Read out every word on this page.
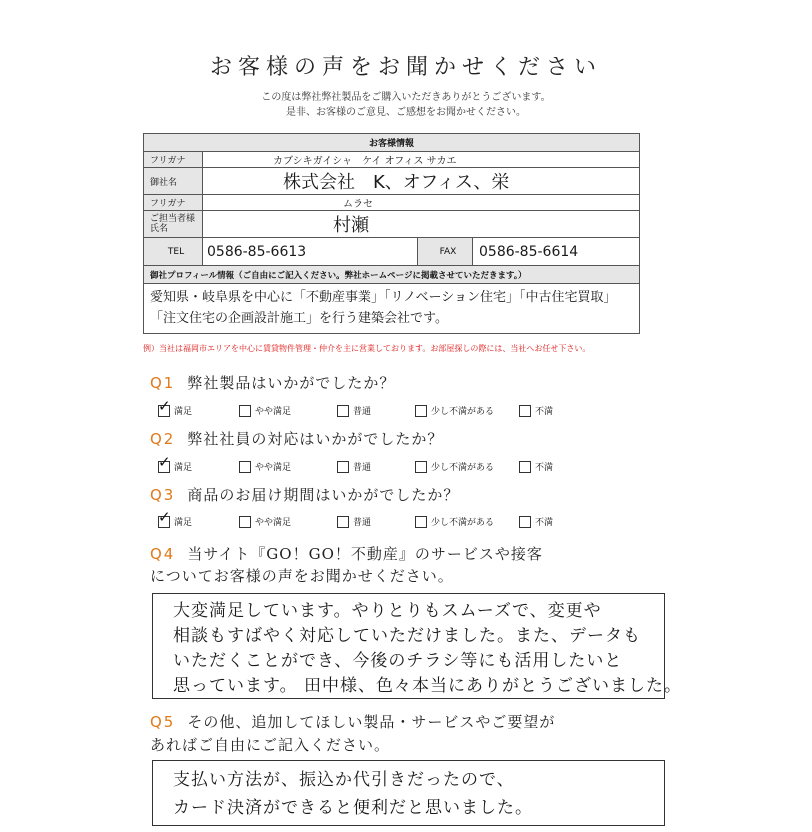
お客様の声をお聞かせください
この度は弊社弊社製品をご購入いただきありがとうございます。
是非、お客様のご意見、ご感想をお聞かせください。
お客様情報			
フリガナ	カブシキガイシャ　ケイ オフィス サカエ		
御社名	株式会社　K、オフィス、栄		
フリガナ	ムラセ		
ご担当者様氏名	村瀬		
TEL	0586-85-6613	FAX	0586-85-6614
御社プロフィール情報（ご自由にご記入ください。弊社ホームページに掲載させていただきます。）			

愛知県・岐阜県を中心に「不動産事業」「リノベーション住宅」「中古住宅買取」
「注文住宅の企画設計施工」を行う建築会社です。			
例）当社は福岡市エリアを中心に賃貸物件管理・仲介を主に営業しております。お部屋探しの際には、当社へお任せ下さい。
Q1 弊社製品はいかがでしたか？
✓
満足	やや満足	普通	少し不満がある	不満
Q2 弊社社員の対応はいかがでしたか？
✓
満足	やや満足	普通	少し不満がある	不満
Q3 商品のお届け期間はいかがでしたか？
✓
満足	やや満足	普通	少し不満がある	不満
Q4 当サイト『GO！GO！不動産』のサービスや接客
についてお客様の声をお聞かせください。
大変満足しています。やりとりもスムーズで、変更や
相談もすばやく対応していただけました。また、データも
いただくことができ、今後のチラシ等にも活用したいと
思っています。 田中様、色々本当にありがとうございました。
Q5 その他、追加してほしい製品・サービスやご要望が
あればご自由にご記入ください。
支払い方法が、振込か代引きだったので、
カード決済ができると便利だと思いました。
